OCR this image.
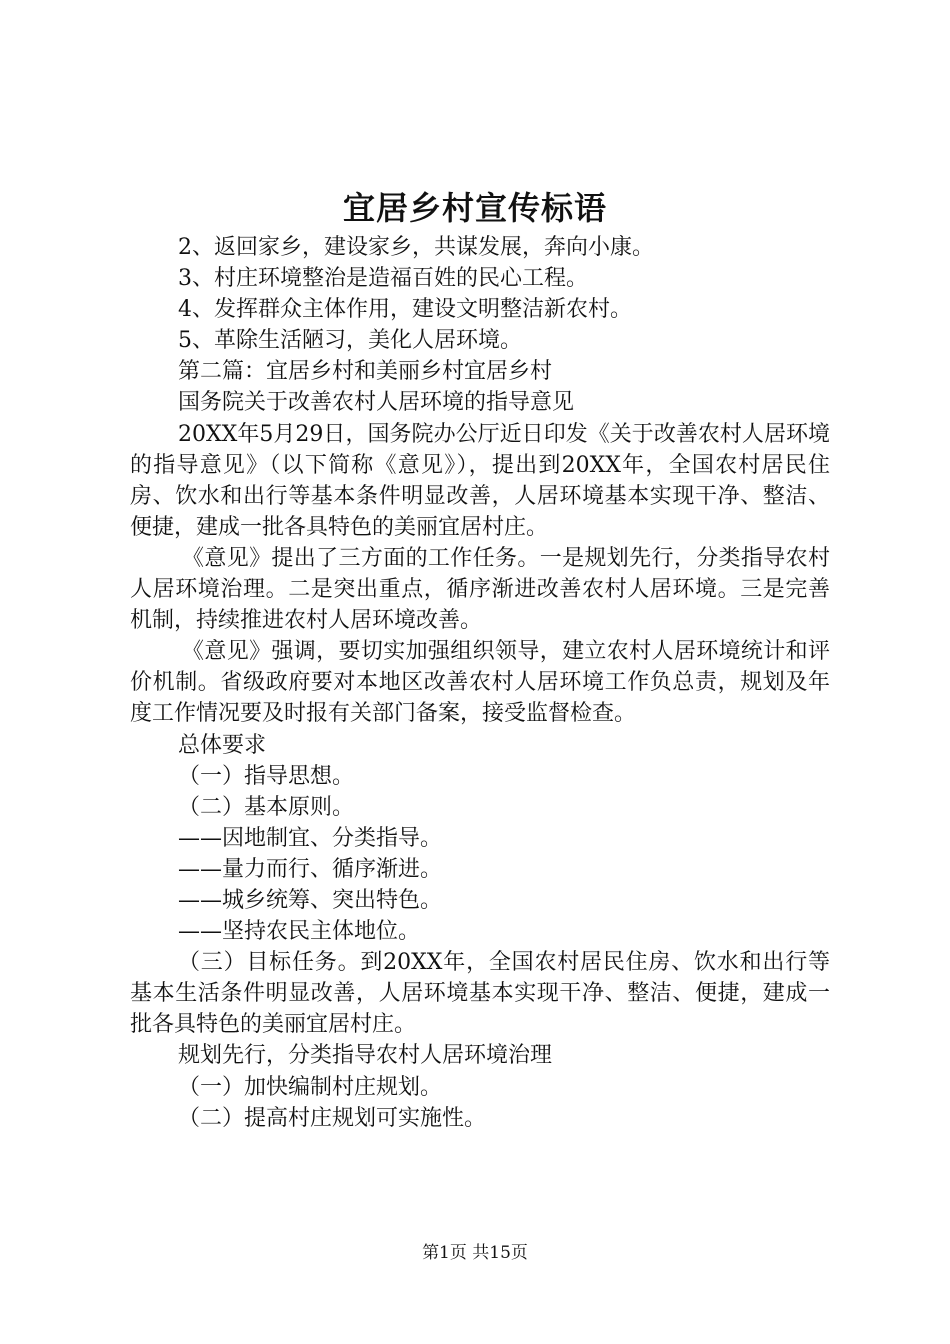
宜居乡村宣传标语

2、返回家乡，建设家乡，共谋发展，奔向小康。

3、村庄环境整治是造福百姓的民心工程。

4、发挥群众主体作用，建设文明整洁新农村。

5、革除生活陋习，美化人居环境。

第二篇：宜居乡村和美丽乡村宜居乡村

国务院关于改善农村人居环境的指导意见

20XX年5月29日，国务院办公厅近日印发《关于改善农村人居环境的指导意见》（以下简称《意见》），提出到20XX年，全国农村居民住房、饮水和出行等基本条件明显改善，人居环境基本实现干净、整洁、便捷，建成一批各具特色的美丽宜居村庄。

《意见》提出了三方面的工作任务。一是规划先行，分类指导农村人居环境治理。二是突出重点，循序渐进改善农村人居环境。三是完善机制，持续推进农村人居环境改善。

《意见》强调，要切实加强组织领导，建立农村人居环境统计和评价机制。省级政府要对本地区改善农村人居环境工作负总责，规划及年度工作情况要及时报有关部门备案，接受监督检查。

总体要求

（一）指导思想。

（二）基本原则。

——因地制宜、分类指导。

——量力而行、循序渐进。

——城乡统筹、突出特色。

——坚持农民主体地位。

（三）目标任务。到20XX年，全国农村居民住房、饮水和出行等基本生活条件明显改善，人居环境基本实现干净、整洁、便捷，建成一批各具特色的美丽宜居村庄。

规划先行，分类指导农村人居环境治理

（一）加快编制村庄规划。

（二）提高村庄规划可实施性。

第1页 共15页
